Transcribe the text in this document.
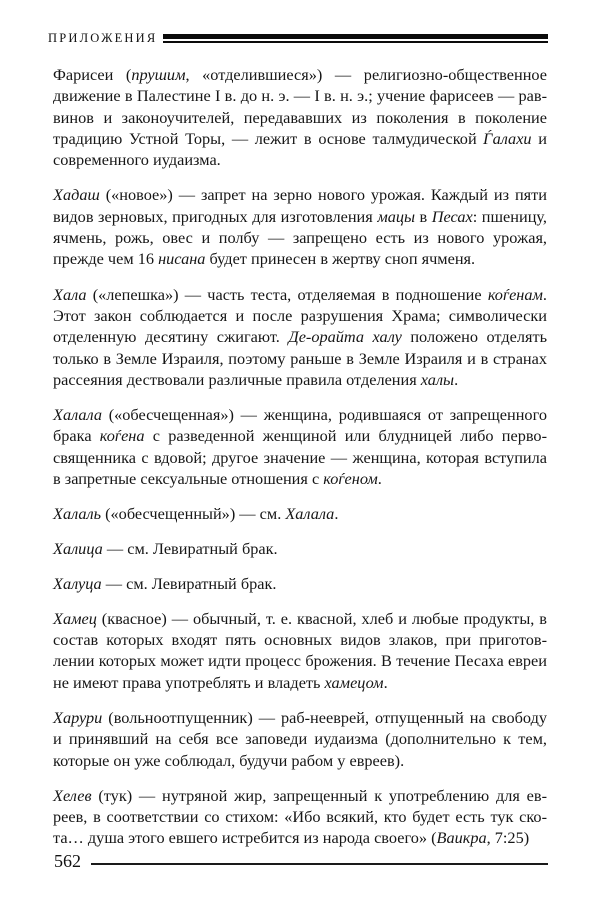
ПРИЛОЖЕНИЯ

Фарисеи (прушим, «отделившиеся») — религиозно-общественное движение в Палестине I в. до н. э. — I в. н. э.; учение фарисеев — раввинов и законоучителей, передававших из поколения в поколение традицию Устной Торы, — лежит в основе талмудической Ѓалахи и современного иудаизма.

Хадаш («новое») — запрет на зерно нового урожая. Каждый из пяти видов зерновых, пригодных для изготовления мацы в Песах: пшеницу, ячмень, рожь, овес и полбу — запрещено есть из нового урожая, прежде чем 16 нисана будет принесен в жертву сноп ячменя.

Хала («лепешка») — часть теста, отделяемая в подношение коѓенам. Этот закон соблюдается и после разрушения Храма; символически отделенную десятину сжигают. Де-орайта халу положено отделять только в Земле Израиля, поэтому раньше в Земле Израиля и в странах рассеяния дествовали различные правила отделения халы.

Халала («обесчещенная») — женщина, родившаяся от запрещенного брака коѓена с разведенной женщиной или блудницей либо первосвященника с вдовой; другое значение — женщина, которая вступила в запретные сексуальные отношения с коѓеном.

Халаль («обесчещенный») — см. Халала.

Халица — см. Левиратный брак.

Халуца — см. Левиратный брак.

Хамец (квасное) — обычный, т. е. квасной, хлеб и любые продукты, в состав которых входят пять основных видов злаков, при приготовлении которых может идти процесс брожения. В течение Песаха евреи не имеют права употреблять и владеть хамецом.

Харури (вольноотпущенник) — раб-нееврей, отпущенный на свободу и принявший на себя все заповеди иудаизма (дополнительно к тем, которые он уже соблюдал, будучи рабом у евреев).

Хелев (тук) — нутряной жир, запрещенный к употреблению для евреев, в соответствии со стихом: «Ибо всякий, кто будет есть тук скота… душа этого евшего истребится из народа своего» (Ваикра, 7:25)

562
